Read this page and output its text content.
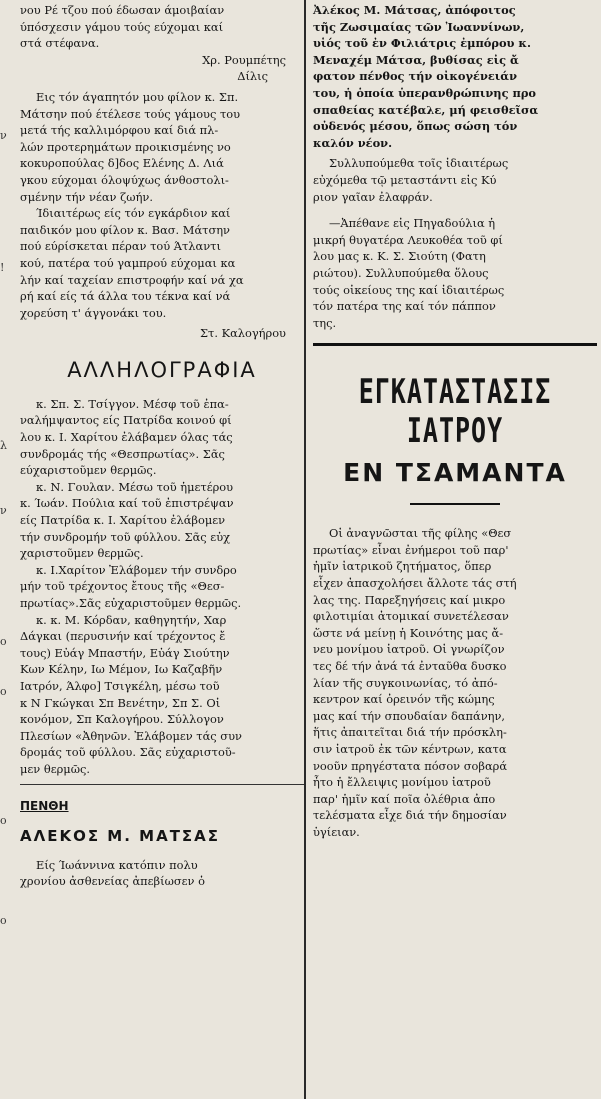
ν
!
λ
ν
ο
ο
ο
ο

νου Ρέ τζου πού έδωσαν άμοιβαίαν
ύπόσχεσιν γάμου τούς εύχομαι καί
στά στέφανα.

Χρ. Ρουμπέτης

Δίλις

Εις τόν άγαπητόν μου φίλον κ. Σπ.
Μάτσην πού έτέλεσε τούς γάμους του
μετά τής καλλιμόρφου καί διά πλ-
λών προτερημάτων προικισμένης νο
κοκυροπούλας δ]δος Ελένης Δ. Λιά
γκου εύχομαι όλοψύχως άνθοστολι-
σμένην τήν νέαν ζωήν.

Ίδιαιτέρως είς τόν εγκάρδιον καί
παιδικόν μου φίλον κ. Βασ. Μάτσην
πού εύρίσκεται πέραν τού Άτλαντι
κού, πατέρα τού γαμπρού εύχομαι κα
λήν καί ταχείαν επιστροφήν καί νά χα
ρή καί είς τά άλλα του τέκνα καί νά
χορεύση τ' άγγονάκι του.

Στ. Καλογήρου

ΑΛΛΗΛΟΓΡΑΦΙΑ

κ. Σπ. Σ. Τσίγγον. Μέσφ τοῦ ἐπα-
ναλήμψαντος είς Πατρίδα κοινού φί
λου κ. Ι. Χαρίτου ἐλάβαμεν όλας τάς
συνδρομάς τής «Θεσπρωτίας». Σᾶς
εύχαριστοῦμεν θερμῶς.

κ. Ν. Γουλαν. Μέσω τοῦ ἡμετέρου
κ. Ίωάν. Πούλια καί τοῦ ἐπιστρέψαν
είς Πατρίδα κ. Ι. Χαρίτου ἐλάβομεν
τήν συνδρομήν τοῦ φύλλου. Σᾶς εὐχ
χαριστοῦμεν θερμῶς.

κ. Ι.Χαρίτον Ἐλάβομεν τήν συνδρο
μήν τοῦ τρέχοντος ἔτους τῆς «Θεσ-
πρωτίας».Σᾶς εὐχαριστοῦμεν θερμῶς.

κ. κ. Μ. Κόρδαν, καθηγητήν, Χαρ
Δάγκαι (περυσινήν καί τρέχοντος ἔ
τους) Εὐάγ Μπαστήν, Εὐάγ Σιούτην
Κων Κέλην, Ιω Μέμον, Ιω Καζαβῆν
Ιατρόν, Άλφο] Τσιγκέλη, μέσω τοῦ
κ Ν Γκώγκαι Σπ Βενέτην, Σπ Σ. Οἰ
κονόμον, Σπ Καλογήρου. Σύλλογον
Πλεσίων «Ἀθηνῶν. Ἐλάβομεν τάς συν
δρομάς τοῦ φύλλου. Σᾶς εὐχαριστοῦ-
μεν θερμῶς.

ΠΕΝΘΗ
ΑΛΕΚΟΣ Μ. ΜΑΤΣΑΣ

Είς Ίωάννινα κατόπιν πολυ
χρονίου ἀσθενείας ἀπεβίωσεν ὁ

Ἀλέκος Μ. Μάτσας, ἀπόφοιτος
τῆς Ζωσιμαίας τῶν Ἰωαννίνων,
υἱός τοῦ ἐν Φιλιάτρις ἐμπόρου κ.
Μεναχέμ Μάτσα, βυθίσας εἰς ἄ
φατον πένθος τήν οἰκογένειάν
του, ἡ ὁποία ὑπερανθρώπινης προ
σπαθείας κατέβαλε, μή φεισθεῖσα
οὐδενός μέσου, ὅπως σώση τόν
καλόν νέον.

Συλλυπούμεθα τοῖς ἰδιαιτέρως
εὐχόμεθα τῷ μεταστάντι εἰς Κύ
ριον γαῖαν ἐλαφράν.

—Ἀπέθανε εἰς Πηγαδούλια ἡ
μικρή θυγατέρα Λευκοθέα τοῦ φί
λου μας κ. Κ. Σ. Σιούτη (Φατη
ριώτου). Συλλυπούμεθα ὅλους
τούς οἰκείους της καί ἰδιαιτέρως
τόν πατέρα της καί τόν πάππον
της.

ΕΓΚΑΤΑΣΤΑΣΙΣ ΙΑΤΡΟΥ
ΕΝ ΤΣΑΜΑΝΤΑ

Οἱ ἀναγνῶσται τῆς φίλης «Θεσ
πρωτίας» εἶναι ἐνήμεροι τοῦ παρ'
ἡμῖν ἰατρικοῦ ζητήματος, ὅπερ
εἶχεν ἀπασχολήσει ἄλλοτε τάς στή
λας της. Παρεξηγήσεις καί μικρο
φιλοτιμίαι ἀτομικαί συνετέλεσαν
ὥστε νά μείνῃ ἡ Κοινότης μας ἄ-
νευ μονίμου ἰατροῦ. Οἱ γνωρίζον
τες δέ τήν ἀνά τά ἐνταῦθα δυσκο
λίαν τῆς συγκοινωνίας, τό ἀπό-
κεντρον καί ὀρεινόν τῆς κώμης
μας καί τήν σπουδαίαν δαπάνην,
ἥτις ἀπαιτεῖται διά τήν πρόσκλη-
σιν ἰατροῦ ἐκ τῶν κέντρων, κατα
νοοῦν πρηγέστατα πόσον σοβαρά
ἦτο ἡ ἔλλειψις μονίμου ἰατροῦ
παρ' ἡμῖν καί ποῖα ὀλέθρια ἀπο
τελέσματα εἶχε διά τήν δημοσίαν
ὑγίειαν.
